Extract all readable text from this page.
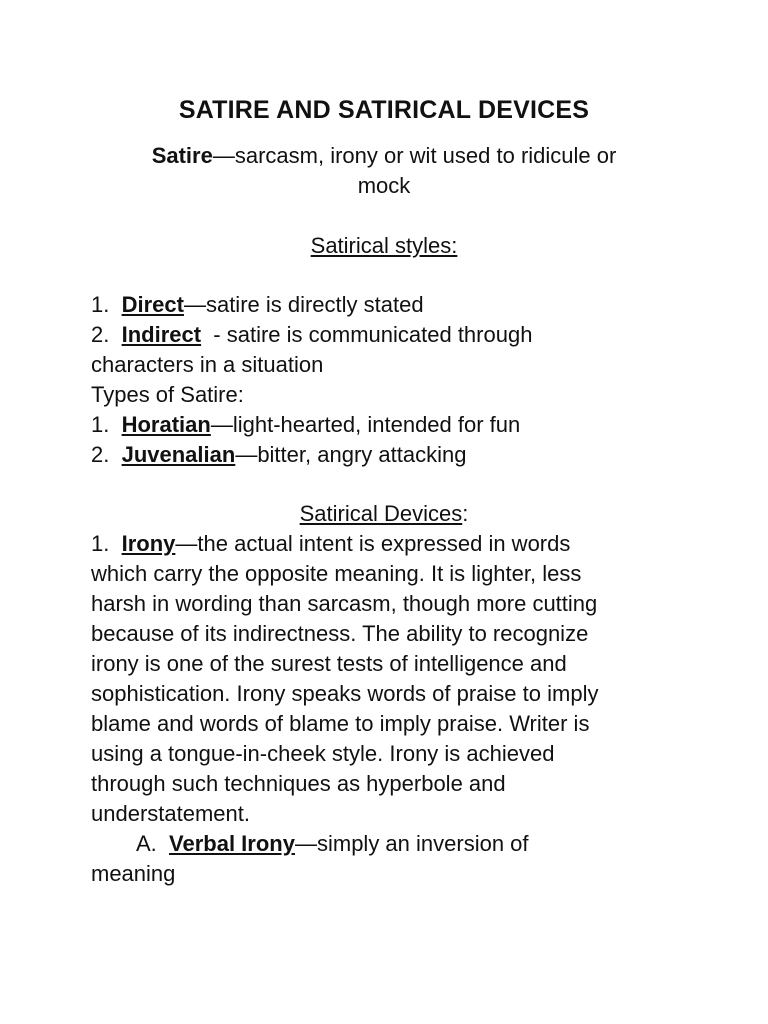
SATIRE AND SATIRICAL DEVICES
Satire—sarcasm, irony or wit used to ridicule or
mock
Satirical styles:
1. Direct—satire is directly stated
2. Indirect - satire is communicated through
characters in a situation
Types of Satire:
1. Horatian—light-hearted, intended for fun
2. Juvenalian—bitter, angry attacking
Satirical Devices:
1. Irony—the actual intent is expressed in words
which carry the opposite meaning. It is lighter, less
harsh in wording than sarcasm, though more cutting
because of its indirectness. The ability to recognize
irony is one of the surest tests of intelligence and
sophistication. Irony speaks words of praise to imply
blame and words of blame to imply praise. Writer is
using a tongue-in-cheek style. Irony is achieved
through such techniques as hyperbole and
understatement.
A. Verbal Irony—simply an inversion of
meaning
